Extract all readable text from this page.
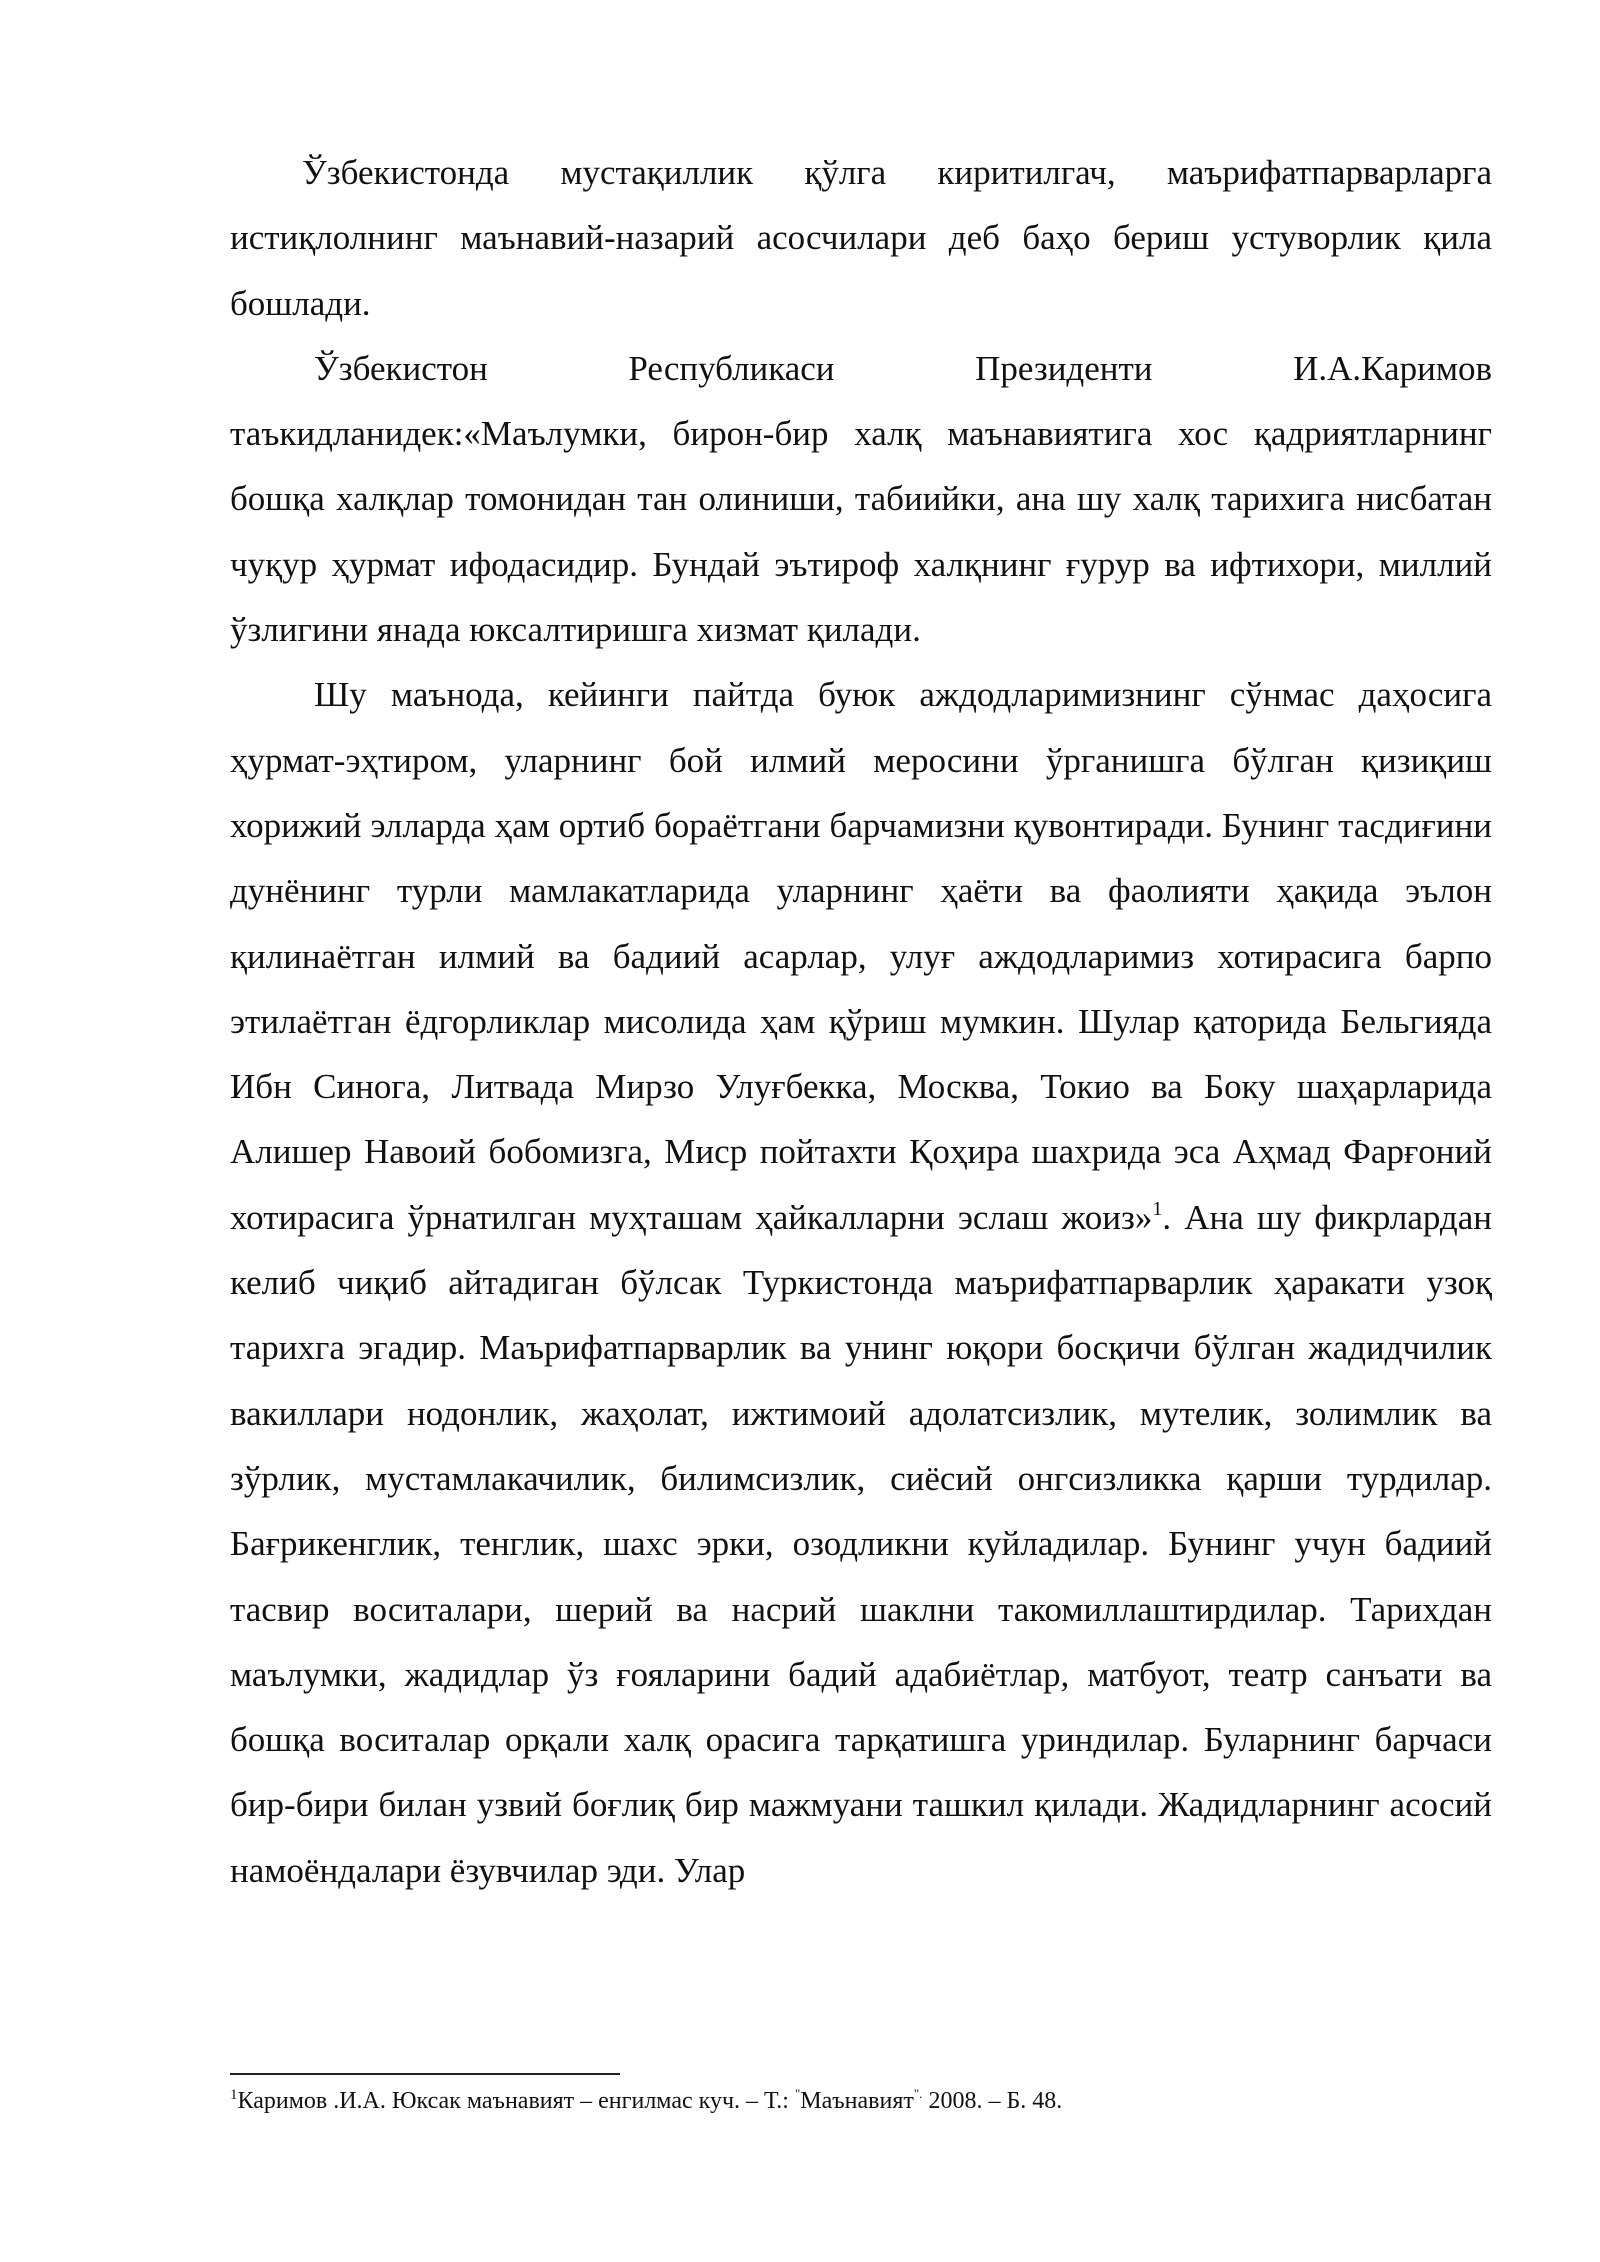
Ўзбекистонда мустақиллик қўлга киритилгач, маърифатпарварларга истиқлолнинг маънавий-назарий асосчилари деб баҳо бериш устуворлик қила бошлади.

Ўзбекистон Республикаси Президенти И.А.Каримов
таъкидланидек:«Маълумки, бирон-бир халқ маънавиятига хос қадриятларнинг бошқа халқлар томонидан тан олиниши, табиийки, ана шу халқ тарихига нисбатан чуқур ҳурмат ифодасидир. Бундай эътироф халқнинг ғурур ва ифтихори, миллий ўзлигини янада юксалтиришга хизмат қилади.

Шу маънода, кейинги пайтда буюк аждодларимизнинг сўнмас даҳосига ҳурмат-эҳтиром, уларнинг бой илмий меросини ўрганишга бўлган қизиқиш хорижий элларда ҳам ортиб бораётгани барчамизни қувонтиради. Бунинг тасдиғини дунёнинг турли мамлакатларида уларнинг ҳаёти ва фаолияти ҳақида эълон қилинаётган илмий ва бадиий асарлар, улуғ аждодларимиз хотирасига барпо этилаётган ёдгорликлар мисолида ҳам қўриш мумкин. Шулар қаторида Бельгияда Ибн Синога, Литвада Мирзо Улуғбекка, Москва, Токио ва Боку шаҳарларида Алишер Навоий бобомизга, Миср пойтахти Қоҳира шахрида эса Аҳмад Фарғоний хотирасига ўрнатилган муҳташам ҳайкалларни эслаш жоиз»$^1$. Ана шу фикрлардан келиб чиқиб айтадиган бўлсак Туркистонда маърифатпарварлик ҳаракати узоқ тарихга эгадир. Маърифатпарварлик ва унинг юқори босқичи бўлган жадидчилик вакиллари нодонлик, жаҳолат, ижтимоий адолатсизлик, мутелик, золимлик ва зўрлик, мустамлакачилик, билимсизлик, сиёсий онгсизликка қарши турдилар. Бағрикенглик, тенглик, шахс эрки, озодликни куйладилар. Бунинг учун бадиий тасвир воситалари, шерий ва насрий шаклни такомиллаштирдилар. Тарихдан маълумки, жадидлар ўз ғояларини бадий адабиётлар, матбуот, театр санъати ва бошқа воситалар орқали халқ орасига тарқатишга уриндилар. Буларнинг барчаси бир-бири билан узвий боғлиқ бир мажмуани ташкил қилади. Жадидларнинг асосий намоёндалари ёзувчилар эди. Улар

$^1$Каримов .И.А. Юксак маънавият – енгилмас куч. – Т.: "Маънавият". 2008. – Б. 48.
